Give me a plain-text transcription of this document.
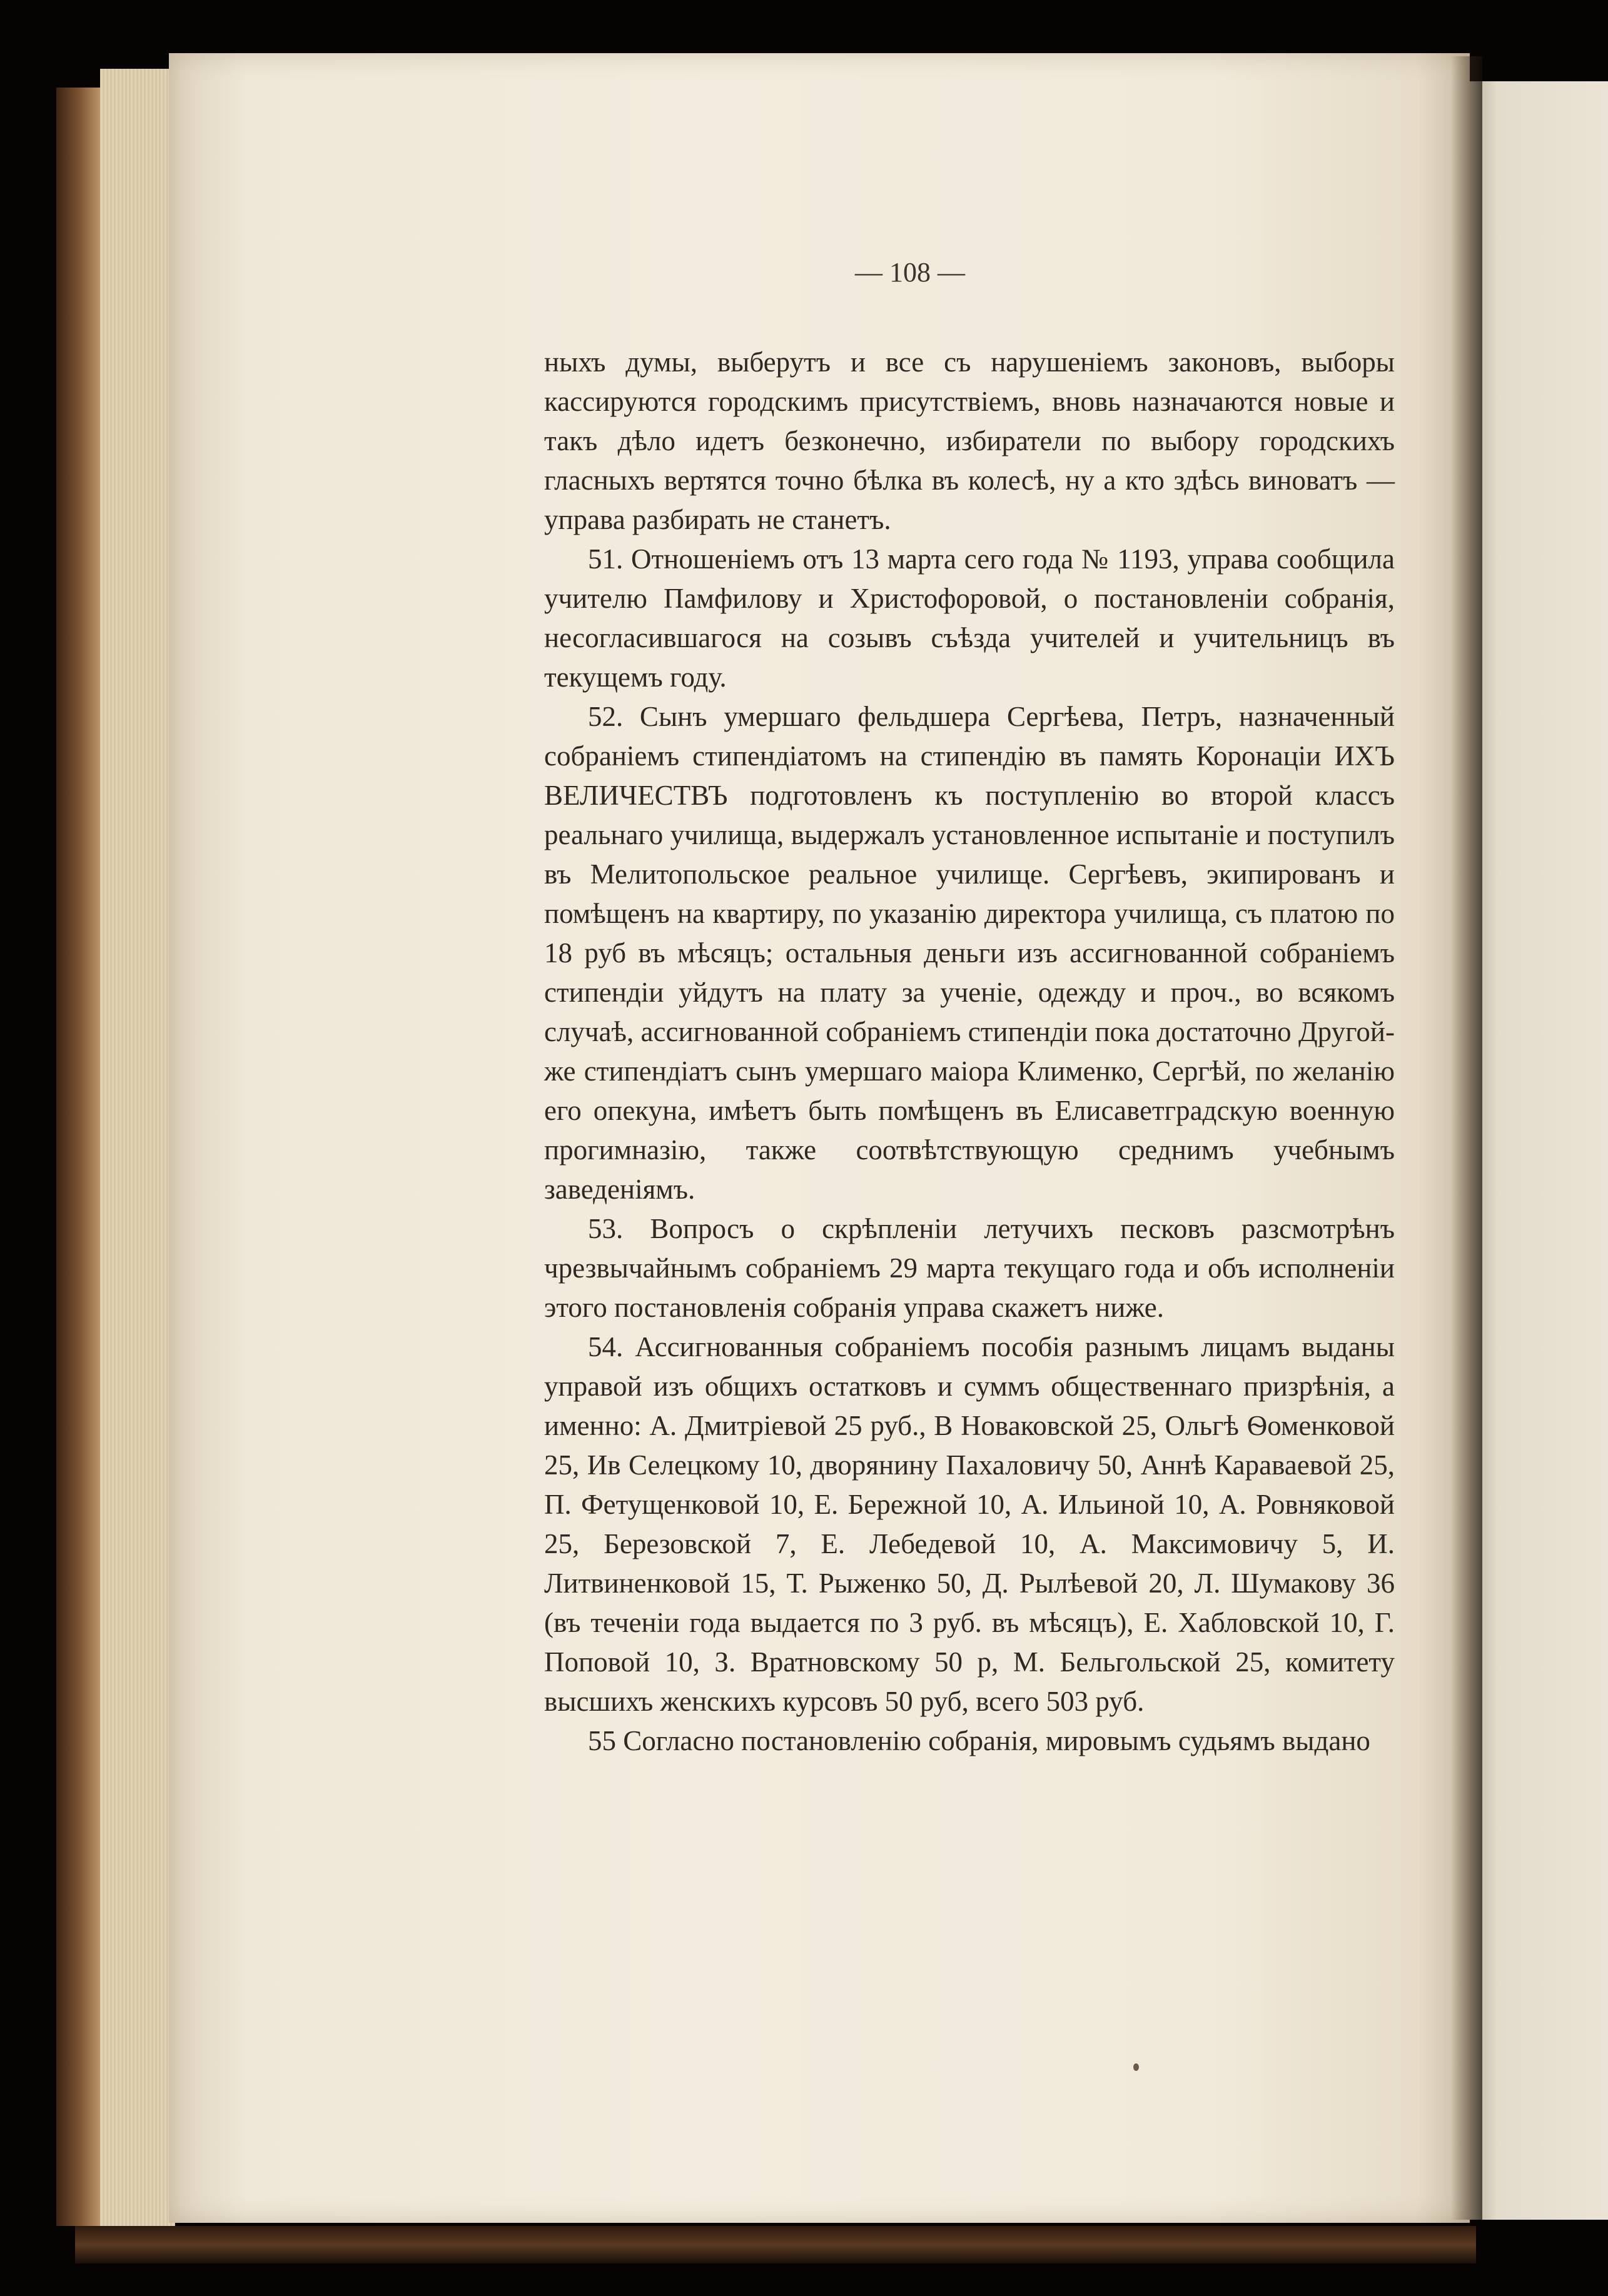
— 108 —

ныхъ думы, выберутъ и все съ нарушеніемъ законовъ, выборы кассируются городскимъ присутствіемъ, вновь назначаются новые и такъ дѣло идетъ безконечно, избиратели по выбору городскихъ гласныхъ вертятся точно бѣлка въ колесѣ, ну а кто здѣсь виноватъ — управа разбирать не станетъ.

51. Отношеніемъ отъ 13 марта сего года № 1193, управа сообщила учителю Памфилову и Христофоровой, о постановленіи собранія, несогласившагося на созывъ съѣзда учителей и учительницъ въ текущемъ году.

52. Сынъ умершаго фельдшера Сергѣева, Петръ, назначенный собраніемъ стипендіатомъ на стипендію въ память Коронаціи ИХЪ ВЕЛИЧЕСТВЪ подготовленъ къ поступленію во второй классъ реальнаго училища, выдержалъ установленное испытаніе и поступилъ въ Мелитопольское реальное училище. Сергѣевъ, экипированъ и помѣщенъ на квартиру, по указанію директора училища, съ платою по 18 руб въ мѣсяцъ; остальныя деньги изъ ассигнованной собраніемъ стипендіи уйдутъ на плату за ученіе, одежду и проч., во всякомъ случаѣ, ассигнованной собраніемъ стипендіи пока достаточно Другой-же стипендіатъ сынъ умершаго маіора Клименко, Сергѣй, по желанію его опекуна, имѣетъ быть помѣщенъ въ Елисаветградскую военную прогимназію, также соотвѣтствующую среднимъ учебнымъ заведеніямъ.

53. Вопросъ о скрѣпленіи летучихъ песковъ разсмотрѣнъ чрезвычайнымъ собраніемъ 29 марта текущаго года и объ исполненіи этого постановленія собранія управа скажетъ ниже.

54. Ассигнованныя собраніемъ пособія разнымъ лицамъ выданы управой изъ общихъ остатковъ и суммъ общественнаго призрѣнія, а именно: А. Дмитріевой 25 руб., В Новаковской 25, Ольгѣ Ѳоменковой 25, Ив Селецкому 10, дворянину Пахаловичу 50, Аннѣ Караваевой 25, П. Фетущенковой 10, Е. Бережной 10, А. Ильиной 10, А. Ровняковой 25, Березовской 7, Е. Лебедевой 10, А. Максимовичу 5, И. Литвиненковой 15, Т. Рыженко 50, Д. Рылѣевой 20, Л. Шумакову 36 (въ теченіи года выдается по 3 руб. въ мѣсяцъ), Е. Хабловской 10, Г. Поповой 10, З. Вратновскому 50 р, М. Бельгольской 25, комитету высшихъ женскихъ курсовъ 50 руб, всего 503 руб.

55 Согласно постановленію собранія, мировымъ судьямъ выдано
